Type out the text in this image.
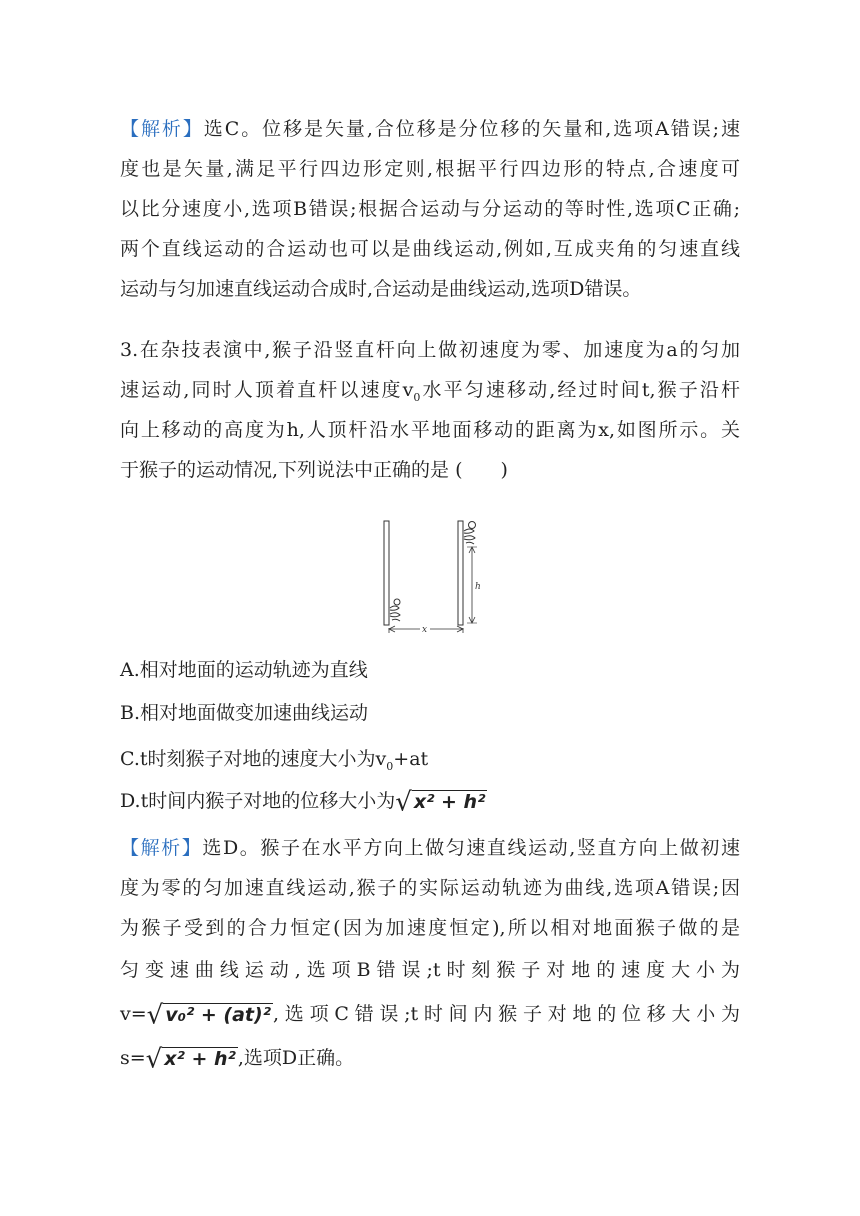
【解析】选C。位移是矢量,合位移是分位移的矢量和,选项A错误;速
度也是矢量,满足平行四边形定则,根据平行四边形的特点,合速度可
以比分速度小,选项B错误;根据合运动与分运动的等时性,选项C正确;
两个直线运动的合运动也可以是曲线运动,例如,互成夹角的匀速直线
运动与匀加速直线运动合成时,合运动是曲线运动,选项D错误。
3.在杂技表演中,猴子沿竖直杆向上做初速度为零、加速度为a的匀加
速运动,同时人顶着直杆以速度$v_0$水平匀速移动,经过时间t,猴子沿杆
向上移动的高度为h,人顶杆沿水平地面移动的距离为x,如图所示。关
于猴子的运动情况,下列说法中正确的是 (　　)
h
x
A.相对地面的运动轨迹为直线
B.相对地面做变加速曲线运动
C.t时刻猴子对地的速度大小为$v_0+at$
D.t时间内猴子对地的位移大小为√ x² + h²
【解析】选D。猴子在水平方向上做匀速直线运动,竖直方向上做初速
度为零的匀加速直线运动,猴子的实际运动轨迹为曲线,选项A错误;因
为猴子受到的合力恒定(因为加速度恒定),所以相对地面猴子做的是
匀变速曲线运动,选项B错误;t时刻猴子对地的速度大小为
v=√ v₀² + (at)² ,选项C错误;t时间内猴子对地的位移大小为
s=√ x² + h² ,选项D正确。
